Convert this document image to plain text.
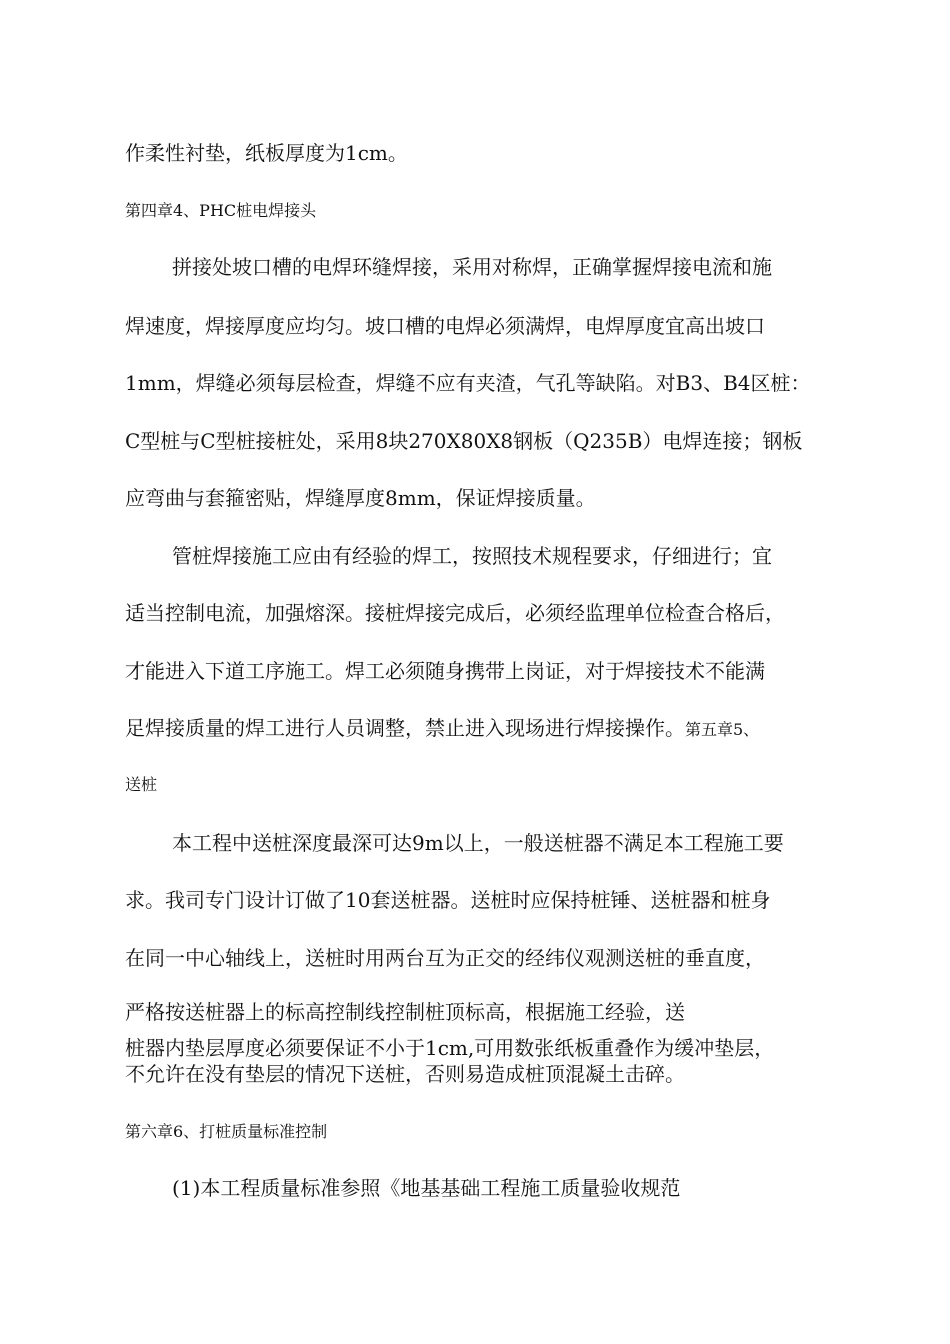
作柔性衬垫，纸板厚度为1cm。
第四章4、PHC桩电焊接头
拼接处坡口槽的电焊环缝焊接，采用对称焊，正确掌握焊接电流和施
焊速度，焊接厚度应均匀。坡口槽的电焊必须满焊，电焊厚度宜高出坡口
1mm，焊缝必须每层检查，焊缝不应有夹渣，气孔等缺陷。对B3、B4区桩：
C型桩与C型桩接桩处，采用8块270X80X8钢板（Q235B）电焊连接；钢板
应弯曲与套箍密贴，焊缝厚度8mm，保证焊接质量。
管桩焊接施工应由有经验的焊工，按照技术规程要求，仔细进行；宜
适当控制电流，加强熔深。接桩焊接完成后，必须经监理单位检查合格后，
才能进入下道工序施工。焊工必须随身携带上岗证，对于焊接技术不能满
足焊接质量的焊工进行人员调整，禁止进入现场进行焊接操作。第五章5、
送桩
本工程中送桩深度最深可达9m以上，一般送桩器不满足本工程施工要
求。我司专门设计订做了10套送桩器。送桩时应保持桩锤、送桩器和桩身
在同一中心轴线上，送桩时用两台互为正交的经纬仪观测送桩的垂直度，
严格按送桩器上的标高控制线控制桩顶标高，根据施工经验，送
桩器内垫层厚度必须要保证不小于1cm,可用数张纸板重叠作为缓冲垫层，
不允许在没有垫层的情况下送桩，否则易造成桩顶混凝土击碎。
第六章6、打桩质量标准控制
(1)本工程质量标准参照《地基基础工程施工质量验收规范
